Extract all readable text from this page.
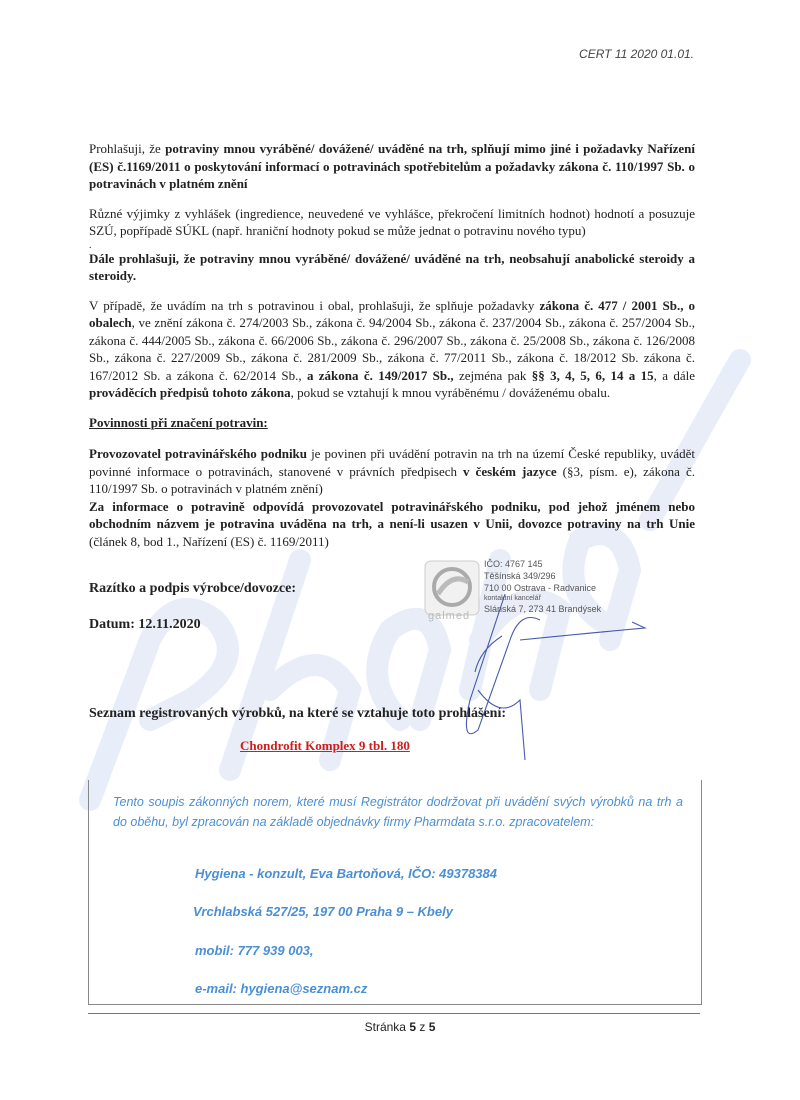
CERT 11 2020 01.01.

Prohlašuji, že potraviny mnou vyráběné/ dovážené/ uváděné na trh, splňují mimo jiné i požadavky Nařízení (ES) č.1169/2011 o poskytování informací o potravinách spotřebitelům a požadavky zákona č. 110/1997 Sb. o potravinách v platném znění

Různé výjimky z vyhlášek (ingredience, neuvedené ve vyhlášce, překročení limitních hodnot) hodnotí a posuzuje SZÚ, popřípadě SÚKL (např. hraniční hodnoty pokud se může jednat o potravinu nového typu)

.

Dále prohlašuji, že potraviny mnou vyráběné/ dovážené/ uváděné na trh, neobsahují anabolické steroidy a steroidy.

V případě, že uvádím na trh s potravinou i obal, prohlašuji, že splňuje požadavky zákona č. 477 / 2001 Sb., o obalech, ve znění zákona č. 274/2003 Sb., zákona č. 94/2004 Sb., zákona č. 237/2004 Sb., zákona č. 257/2004 Sb., zákona č. 444/2005 Sb., zákona č. 66/2006 Sb., zákona č. 296/2007 Sb., zákona č. 25/2008 Sb., zákona č. 126/2008 Sb., zákona č. 227/2009 Sb., zákona č. 281/2009 Sb., zákona č. 77/2011 Sb., zákona č. 18/2012 Sb. zákona č. 167/2012 Sb. a zákona č. 62/2014 Sb., a zákona č. 149/2017 Sb., zejména pak §§ 3, 4, 5, 6, 14 a 15, a dále prováděcích předpisů tohoto zákona, pokud se vztahují k mnou vyráběnému / dováženému obalu.

Povinnosti při značení potravin:

Provozovatel potravinářského podniku je povinen při uvádění potravin na trh na území České republiky, uvádět povinné informace o potravinách, stanovené v právních předpisech v českém jazyce (§3, písm. e), zákona č. 110/1997 Sb. o potravinách v platném znění)

Za informace o potravině odpovídá provozovatel potravinářského podniku, pod jehož jménem nebo obchodním názvem je potravina uváděna na trh, a není-li usazen v Unii, dovozce potraviny na trh Unie (článek 8, bod 1., Nařízení (ES) č. 1169/2011)

Razítko a podpis výrobce/dovozce:
Datum: 12.11.2020
IČO: 4767 145
Těšínská 349/296
710 00 Ostrava - Radvanice
kontaktní kancelář
Slánská 7, 273 41 Brandýsek
galmed
Seznam registrovaných výrobků, na které se vztahuje toto prohlášení:
Chondrofit Komplex 9 tbl. 180
Tento soupis zákonných norem, které musí Registrátor dodržovat při uvádění svých výrobků na trh a do oběhu, byl zpracován na základě objednávky firmy Pharmdata s.r.o. zpracovatelem:
Hygiena - konzult, Eva Bartoňová, IČO: 49378384
Vrchlabská 527/25, 197 00 Praha 9 – Kbely
mobil: 777 939 003,
e-mail: hygiena@seznam.cz
Stránka 5 z 5
